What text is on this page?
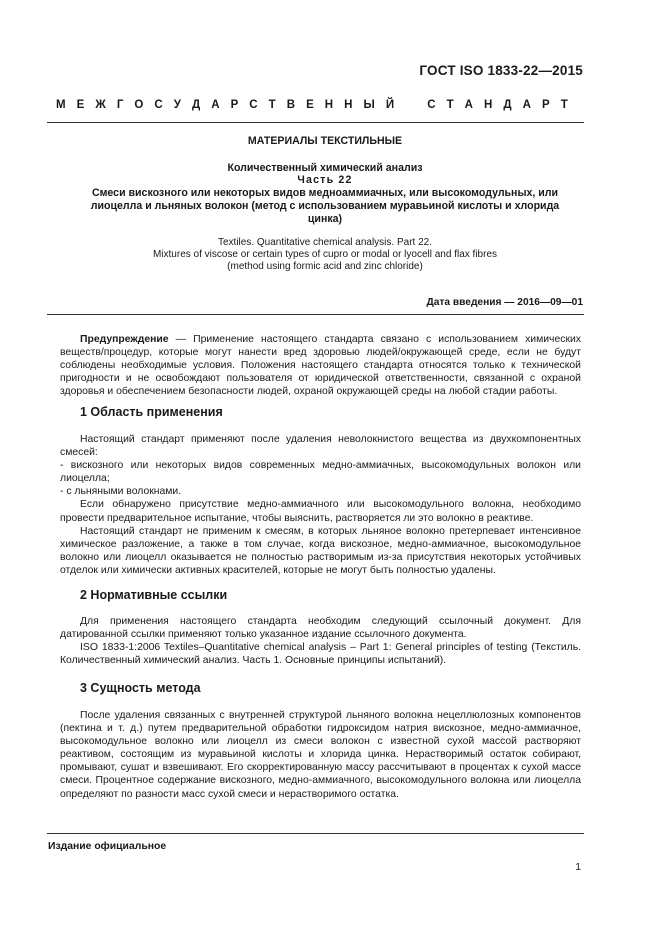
ГОСТ ISO 1833-22—2015
М Е Ж Г О С У Д А Р С Т В Е Н Н Ы Й	С Т А Н Д А Р Т
МАТЕРИАЛЫ ТЕКСТИЛЬНЫЕ
Количественный химический анализ
Часть 22
Смеси вискозного или некоторых видов медноаммиачных, или высокомодульных, или
лиоцелла и льняных волокон (метод с использованием муравьиной кислоты и хлорида
цинка)
Textiles. Quantitative chemical analysis. Part 22.
Mixtures of viscose or certain types of cupro or modal or lyocell and flax fibres
(method using formic acid and zinc chloride)
Дата введения — 2016—09—01

Предупреждение — Применение настоящего стандарта связано с использованием химических веществ/процедур, которые могут нанести вред здоровью людей/окружающей среде, если не будут соблюдены необходимые условия. Положения настоящего стандарта относятся только к технической пригодности и не освобождают пользователя от юридической ответственности, связанной с охраной здоровья и обеспечением безопасности людей, охраной окружающей среды на любой стадии работы.

1 Область применения

Настоящий стандарт применяют после удаления неволокнистого вещества из двухкомпонентных смесей:

- вискозного или некоторых видов современных медно-аммиачных, высокомодульных волокон или лиоцелла;

- с льняными волокнами.

Если обнаружено присутствие медно-аммиачного или высокомодульного волокна, необходимо провести предварительное испытание, чтобы выяснить, растворяется ли это волокно в реактиве.

Настоящий стандарт не применим к смесям, в которых льняное волокно претерпевает интенсивное химическое разложение, а также в том случае, когда вискозное, медно-аммиачное, высокомодульное волокно или лиоцелл оказывается не полностью растворимым из-за присутствия некоторых устойчивых отделок или химически активных красителей, которые не могут быть полностью удалены.

2 Нормативные ссылки

Для применения настоящего стандарта необходим следующий ссылочный документ. Для датированной ссылки применяют только указанное издание ссылочного документа.

ISO 1833-1:2006 Textiles–Quantitative chemical analysis – Part 1: General principles of testing (Текстиль. Количественный химический анализ. Часть 1. Основные принципы испытаний).

3 Сущность метода

После удаления связанных с внутренней структурой льняного волокна нецеллюлозных компонентов (пектина и т. д.) путем предварительной обработки гидроксидом натрия вискозное, медно-аммиачное, высокомодульное волокно или лиоцелл из смеси волокон с известной сухой массой растворяют реактивом, состоящим из муравьиной кислоты и хлорида цинка. Нерастворимый остаток собирают, промывают, сушат и взвешивают. Его скорректированную массу рассчитывают в процентах к сухой массе смеси. Процентное содержание вискозного, медно-аммиачного, высокомодульного волокна или лиоцелла определяют по разности масс сухой смеси и нерастворимого остатка.

Издание официальное
1
